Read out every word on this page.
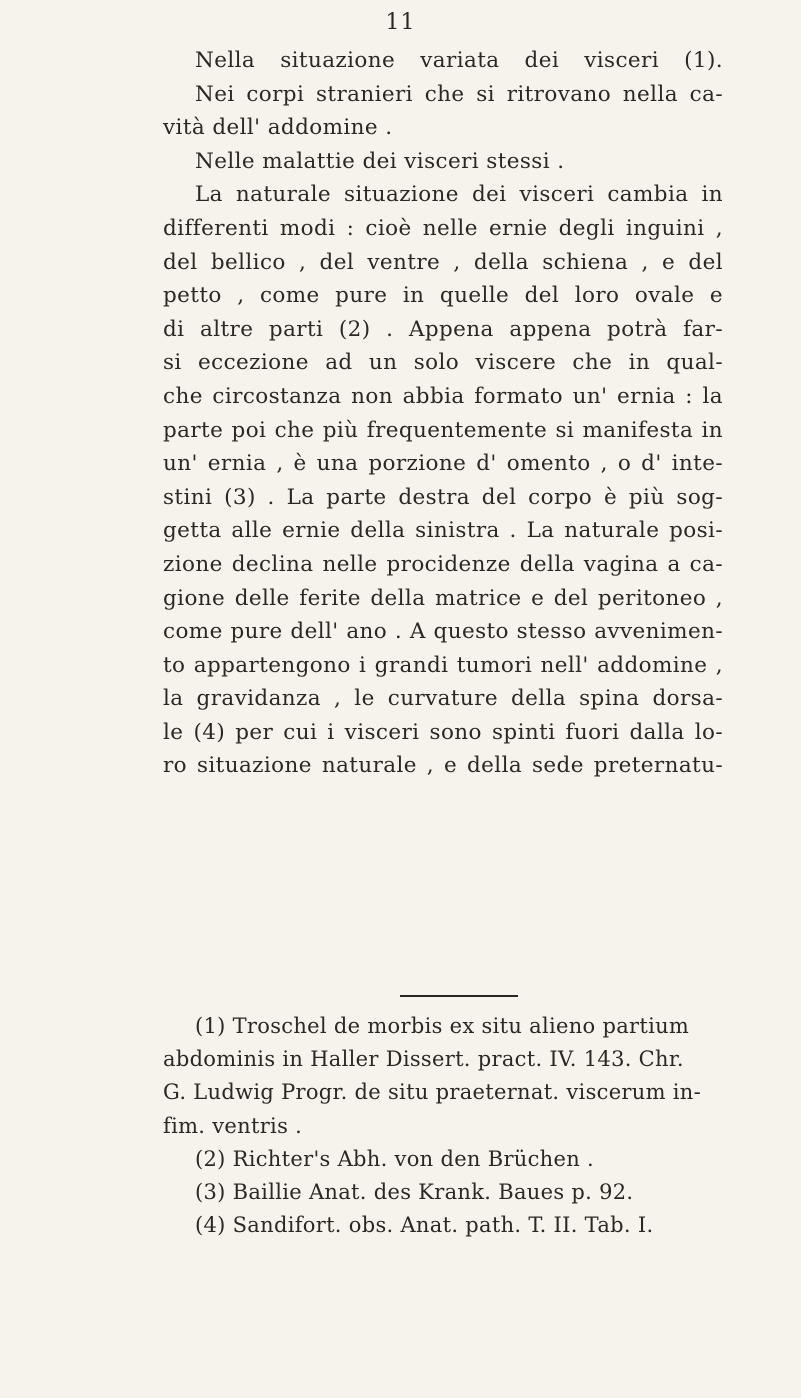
11
Nella situazione variata dei visceri (1).
Nei corpi stranieri che si ritrovano nella ca-
vità dell' addomine .
Nelle malattie dei visceri stessi .
La naturale situazione dei visceri cambia in
differenti modi : cioè nelle ernie degli inguini ,
del bellico , del ventre , della schiena , e del
petto , come pure in quelle del loro ovale e
di altre parti (2) . Appena appena potrà far-
si eccezione ad un solo viscere che in qual-
che circostanza non abbia formato un' ernia : la
parte poi che più frequentemente si manifesta in
un' ernia , è una porzione d' omento , o d' inte-
stini (3) . La parte destra del corpo è più sog-
getta alle ernie della sinistra . La naturale posi-
zione declina nelle procidenze della vagina a ca-
gione delle ferite della matrice e del peritoneo ,
come pure dell' ano . A questo stesso avvenimen-
to appartengono i grandi tumori nell' addomine ,
la gravidanza , le curvature della spina dorsa-
le (4) per cui i visceri sono spinti fuori dalla lo-
ro situazione naturale , e della sede preternatu-
(1) Troschel de morbis ex situ alieno partium
abdominis in Haller Dissert. pract. IV. 143. Chr.
G. Ludwig Progr. de situ praeternat. viscerum in-
fim. ventris .
(2) Richter's Abh. von den Brüchen .
(3) Baillie Anat. des Krank. Baues p. 92.
(4) Sandifort. obs. Anat. path. T. II. Tab. I.
